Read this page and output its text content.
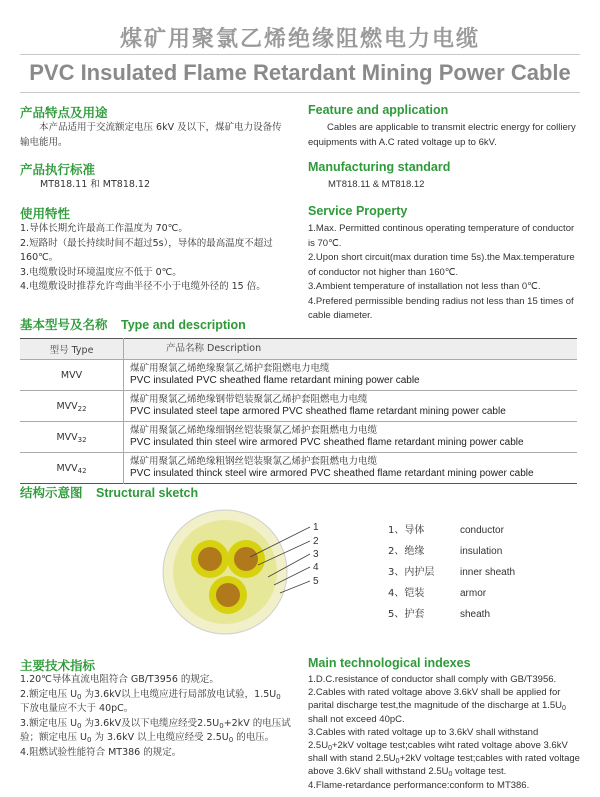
煤矿用聚氯乙烯绝缘阻燃电力电缆
PVC Insulated Flame Retardant Mining Power Cable
产品特点及用途

本产品适用于交流额定电压 6kV 及以下，煤矿电力设备传输电能用。

Feature and application

Cables are applicable to transmit electric energy for colliery equipments with A.C rated voltage up to 6kV.

产品执行标准
MT818.11 和 MT818.12
Manufacturing standard
MT818.11 & MT818.12
使用特性

1.导体长期允许最高工作温度为 70℃。

2.短路时（最长持续时间不超过5s），导体的最高温度不超过160℃。

3.电缆敷设时环境温度应不低于 0℃。

4.电缆敷设时推荐允许弯曲半径不小于电缆外径的 15 倍。

Service Property

1.Max. Permitted continous operating temperature of conductor is 70℃.

2.Upon short circuit(max duration time 5s).the Max.temperature of conductor not higher than 160℃.

3.Ambient temperature of installation not less than 0℃.

4.Prefered permissible bending radius not less than 15 times of cable diameter.

基本型号及名称 Type and description
型号 Type	产品名称 Description
MVV	煤矿用聚氯乙烯绝缘聚氯乙烯护套阻燃电力电缆
PVC insulated PVC sheathed flame retardant mining power cable

$MVV_{22}$	煤矿用聚氯乙烯绝缘钢带铠装聚氯乙烯护套阻燃电力电缆
PVC insulated steel tape armored PVC sheathed flame retardant mining power cable

$MVV_{32}$	煤矿用聚氯乙烯绝缘细钢丝铠装聚氯乙烯护套阻燃电力电缆
PVC insulated thin steel wire armored PVC sheathed flame retardant mining power cable

$MVV_{42}$	煤矿用聚氯乙烯绝缘粗钢丝铠装聚氯乙烯护套阻燃电力电缆
PVC insulated thinck steel wire armored PVC sheathed flame retardant mining power cable
结构示意图 Structural sketch
1
2
3
4
5
1、导体	conductor
2、绝缘	insulation
3、内护层	inner sheath
4、铠装	armor
5、护套	sheath
主要技术指标

1.20℃导体直流电阻符合 GB/T3956 的规定。

2.额定电压 $U_0$ 为3.6kV以上电缆应进行局部放电试验，$1.5U_0$ 下放电量应不大于 40pC。

3.额定电压 $U_0$ 为3.6kV及以下电缆应经受$2.5U_0+2kV$ 的电压试验；额定电压 $U_0$ 为 3.6kV 以上电缆应经受 $2.5U_0$ 的电压。

4.阻燃试验性能符合 MT386 的规定。

Main technological indexes

1.D.C.resistance of conductor shall comply with GB/T3956.

2.Cables with rated voltage above 3.6kV shall be applied for parital discharge test,the magnitude of the discharge at $1.5U_0$ shall not exceed 40pC.

3.Cables with rated voltage up to 3.6kV shall withstand $2.5U_0+2kV$ voltage test;cables wiht rated voltage above 3.6kV shall with stand $2.5U_0+2kV$ voltage test;cables with rated voltage above 3.6kV shall withstand $2.5U_0$ voltage test.

4.Flame-retardance performance:conform to MT386.
